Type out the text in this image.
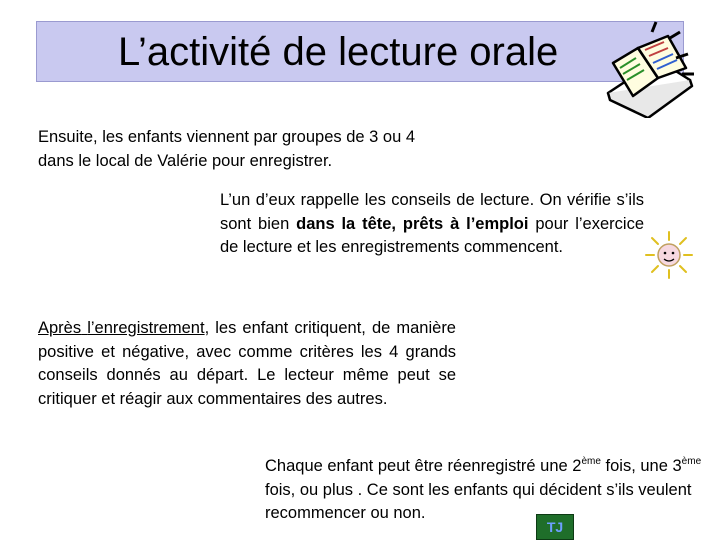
L’activité de lecture orale

Ensuite, les enfants viennent par groupes de 3 ou 4 dans le local de Valérie pour enregistrer.

L’un d’eux rappelle les conseils de lecture. On vérifie s’ils sont bien dans la tête, prêts à l’emploi pour l’exercice de lecture et les enregistrements commencent.

Après l’enregistrement, les enfant critiquent, de manière positive et négative, avec comme critères les 4 grands conseils donnés au départ. Le lecteur même peut se critiquer et réagir aux commentaires des autres.

Chaque enfant peut être réenregistré une 2ème fois, une 3ème fois, ou plus . Ce sont les enfants qui décident s’ils veulent recommencer ou non.

TJ
